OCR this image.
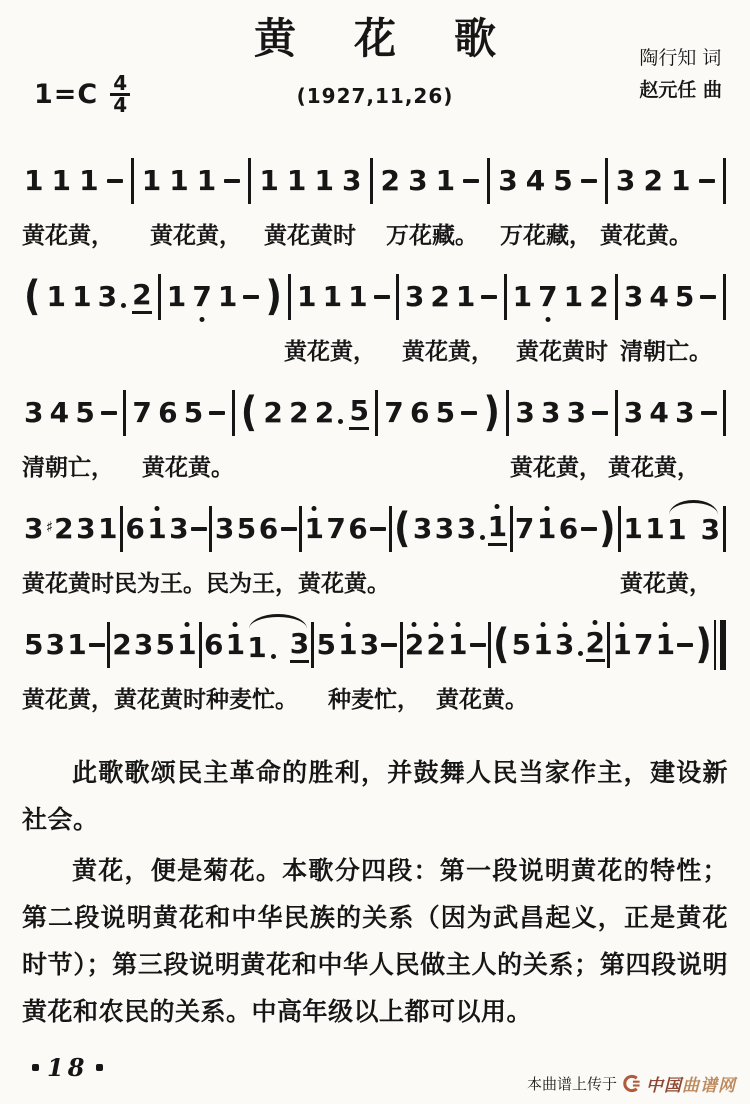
黄花歌	陶行知 词
赵元任 曲
$1=C \frac{4}{4}$	(1927,11,26)
1 1 1 1 1 1 1 1 1 3 2 3 1 3 4 5 3 2 1
黄花黄， 黄花黄， 黄花黄时 万花藏。 万花藏， 黄花黄。
( 1 1 3 2 1 7 1 ) 1 1 1 3 2 1 1 7 1 2 3 4 5
黄花黄， 黄花黄， 黄花黄时 清朝亡。
3 4 5 7 6 5 ( 2 2 2 5 7 6 5 ) 3 3 3 3 4 3
清朝亡， 黄花黄。	黄花黄， 黄花黄，
3 ♯ 2 3 1 6 1 3 3 5 6 1 7 6 ( 3 3 3 1 7 1 6 ) 1 1 1 3
黄花黄时民为王。民为王，黄花黄。	黄花黄，
5 3 1 2 3 5 1 6 1 1 3 5 1 3 2 2 1 ( 5 1 3 2 1 7 1 )
黄花黄，黄花黄时种麦忙。 种麦忙， 黄花黄。

此歌歌颂民主革命的胜利，并鼓舞人民当家作主，建设新社会。

黄花，便是菊花。本歌分四段：第一段说明黄花的特性；第二段说明黄花和中华民族的关系（因为武昌起义，正是黄花时节）；第三段说明黄花和中华人民做主人的关系；第四段说明黄花和农民的关系。中高年级以上都可以用。

18
本曲谱上传于 中国曲谱网
